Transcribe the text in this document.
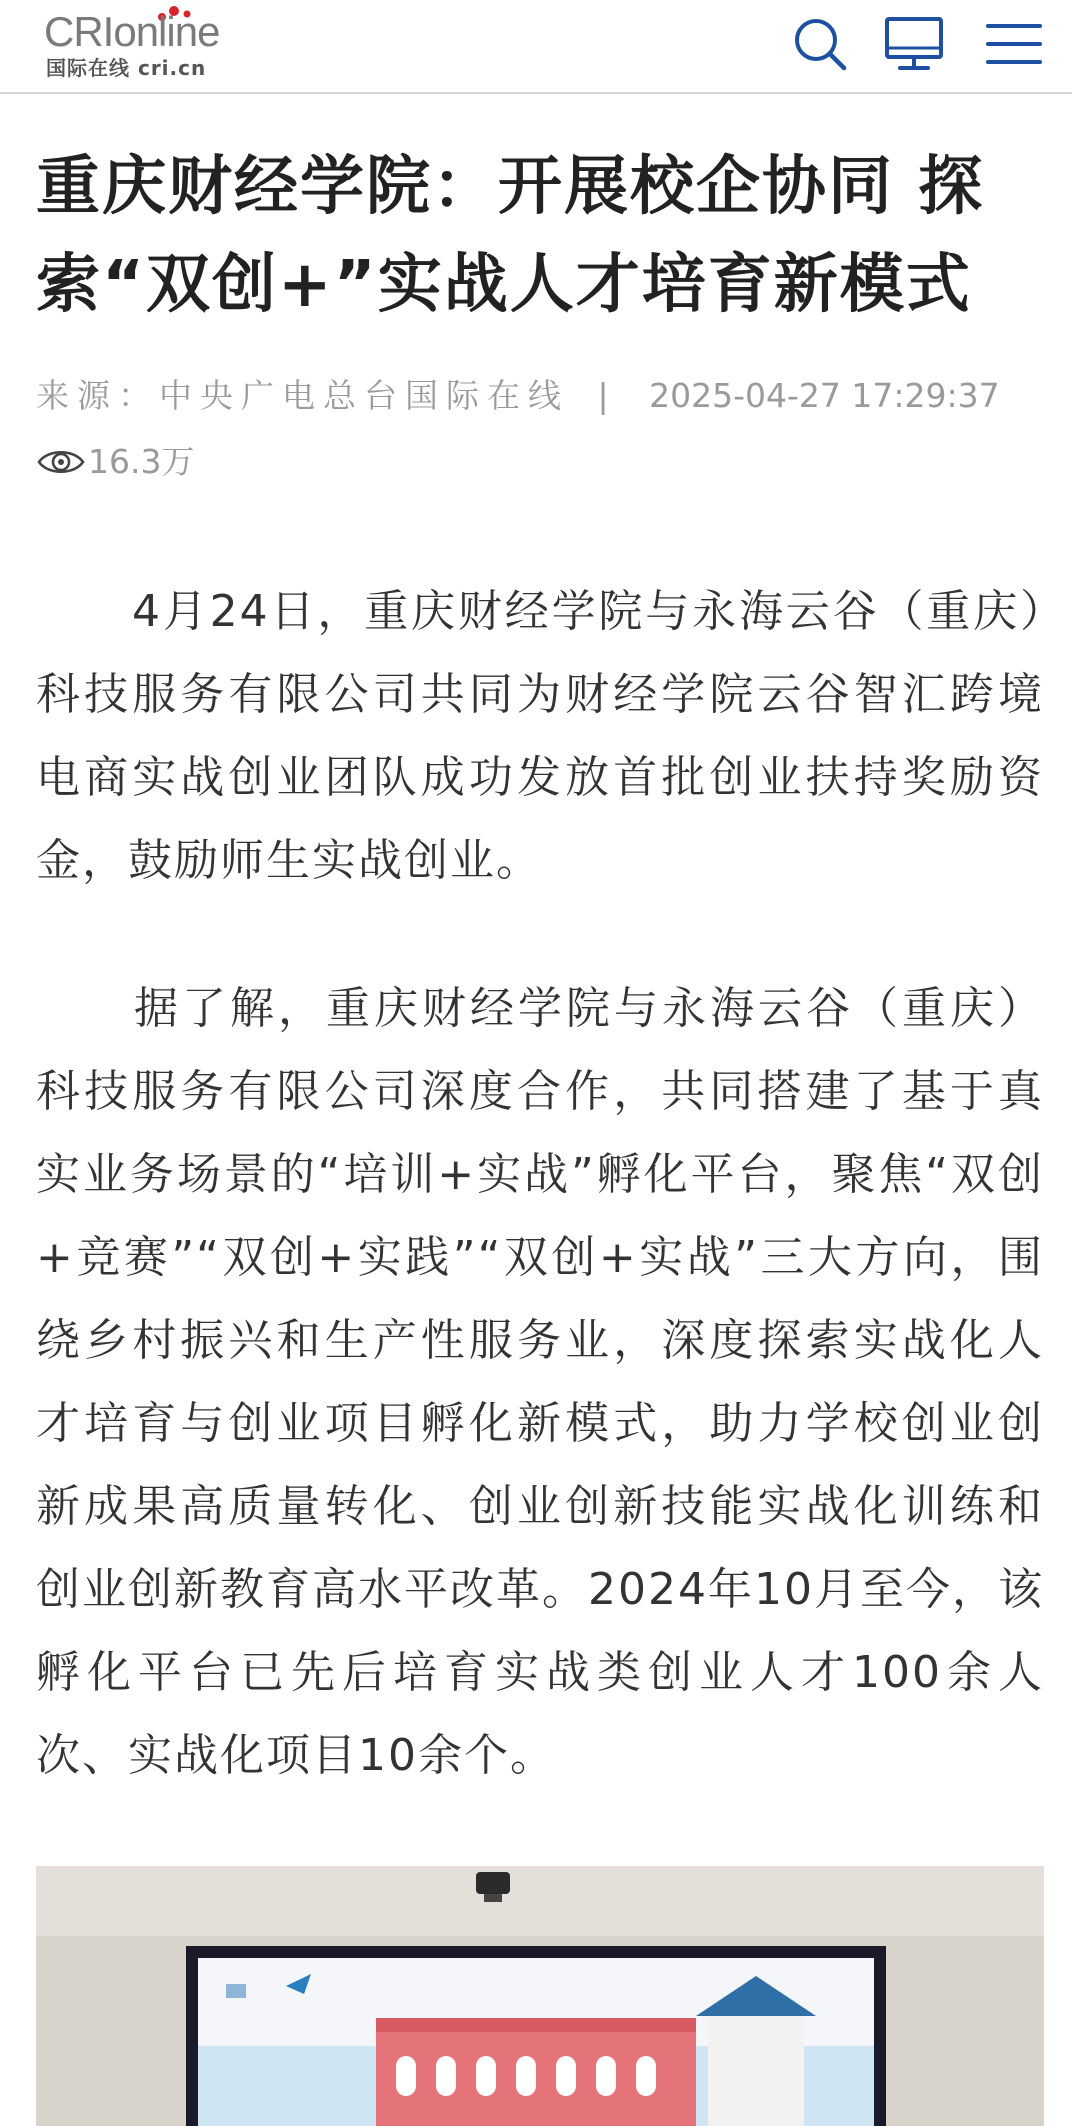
CRIonline
国际在线 cri.cn
重庆财经学院：开展校企协同 探索“双创+”实战人才培育新模式
来源：中央广电总台国际在线 | 2025-04-27 17:29:37
16.3万
4月24日，重庆财经学院与永海云谷（重庆）科技服务有限公司共同为财经学院云谷智汇跨境电商实战创业团队成功发放首批创业扶持奖励资金，鼓励师生实战创业。
据了解，重庆财经学院与永海云谷（重庆）科技服务有限公司深度合作，共同搭建了基于真实业务场景的“培训+实战”孵化平台，聚焦“双创+竞赛”“双创+实践”“双创+实战”三大方向，围绕乡村振兴和生产性服务业，深度探索实战化人才培育与创业项目孵化新模式，助力学校创业创新成果高质量转化、创业创新技能实战化训练和创业创新教育高水平改革。2024年10月至今，该孵化平台已先后培育实战类创业人才100余人次、实战化项目10余个。
